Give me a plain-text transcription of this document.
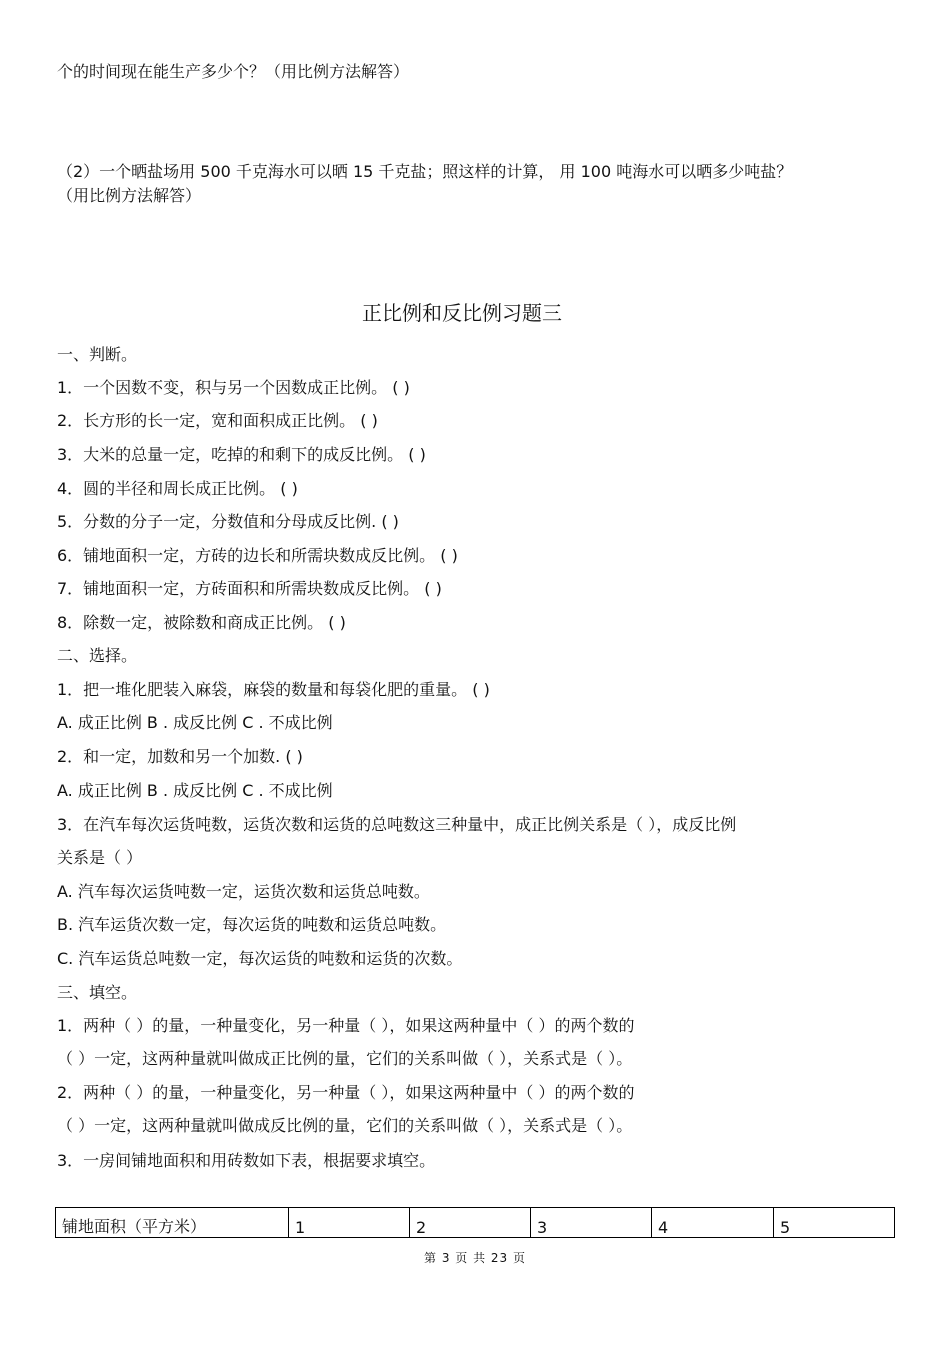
个的时间现在能生产多少个？（用比例方法解答）
（2）一个晒盐场用 500 千克海水可以晒 15 千克盐；照这样的计算， 用 100 吨海水可以晒多少吨盐？
（用比例方法解答）
正比例和反比例习题三
一、判断。
1．一个因数不变，积与另一个因数成正比例。 ( )
2．长方形的长一定，宽和面积成正比例。 ( )
3．大米的总量一定，吃掉的和剩下的成反比例。 ( )
4．圆的半径和周长成正比例。 ( )
5．分数的分子一定，分数值和分母成反比例. ( )
6．铺地面积一定，方砖的边长和所需块数成反比例。 ( )
7．铺地面积一定，方砖面积和所需块数成反比例。 ( )
8．除数一定，被除数和商成正比例。 ( )
二、选择。
1．把一堆化肥装入麻袋，麻袋的数量和每袋化肥的重量。 ( )
A. 成正比例 B . 成反比例 C . 不成比例
2．和一定，加数和另一个加数. ( )
A. 成正比例 B . 成反比例 C . 不成比例
3．在汽车每次运货吨数，运货次数和运货的总吨数这三种量中，成正比例关系是（ ），成反比例
关系是（ ）
A. 汽车每次运货吨数一定，运货次数和运货总吨数。
B. 汽车运货次数一定，每次运货的吨数和运货总吨数。
C. 汽车运货总吨数一定，每次运货的吨数和运货的次数。
三、填空。
1．两种（ ）的量，一种量变化，另一种量（ ），如果这两种量中（ ）的两个数的
（ ）一定，这两种量就叫做成正比例的量，它们的关系叫做（ ），关系式是（ ）。
2．两种（ ）的量，一种量变化，另一种量（ ），如果这两种量中（ ）的两个数的
（ ）一定，这两种量就叫做成反比例的量，它们的关系叫做（ ），关系式是（ ）。
3．一房间铺地面积和用砖数如下表，根据要求填空。
铺地面积（平方米）	1	2	3	4	5
第 3 页 共 23 页
